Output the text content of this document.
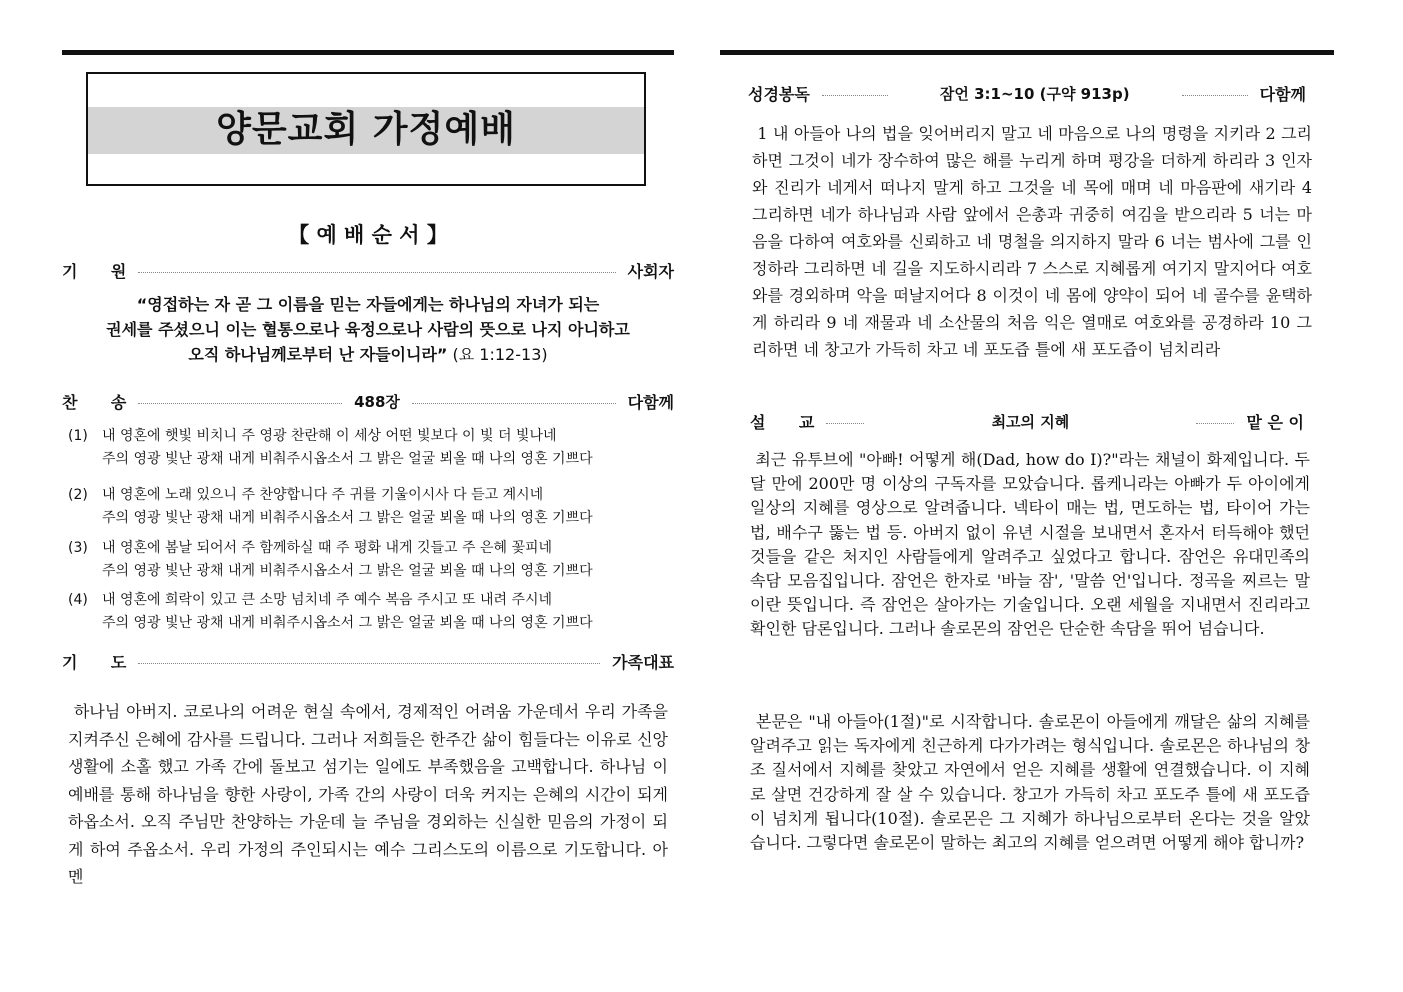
양문교회 가정예배
【 예 배 순 서 】
기      원	사회자
“영접하는 자 곧 그 이름을 믿는 자들에게는 하나님의 자녀가 되는
권세를 주셨으니 이는 혈통으로나 육정으로나 사람의 뜻으로 나지 아니하고
오직 하나님께로부터 난 자들이니라” (요 1:12-13)
찬      송	488장	다함께
(1) 내 영혼에 햇빛 비치니 주 영광 찬란해 이 세상 어떤 빛보다 이 빛 더 빛나네
주의 영광 빛난 광채 내게 비춰주시옵소서 그 밝은 얼굴 뵈올 때 나의 영혼 기쁘다
(2) 내 영혼에 노래 있으니 주 찬양합니다 주 귀를 기울이시사 다 듣고 계시네
주의 영광 빛난 광채 내게 비춰주시옵소서 그 밝은 얼굴 뵈올 때 나의 영혼 기쁘다
(3) 내 영혼에 봄날 되어서 주 함께하실 때 주 평화 내게 깃들고 주 은혜 꽃피네
주의 영광 빛난 광채 내게 비춰주시옵소서 그 밝은 얼굴 뵈올 때 나의 영혼 기쁘다
(4) 내 영혼에 희락이 있고 큰 소망 넘치네 주 예수 복음 주시고 또 내려 주시네
주의 영광 빛난 광채 내게 비춰주시옵소서 그 밝은 얼굴 뵈올 때 나의 영혼 기쁘다
기      도	가족대표

하나님 아버지. 코로나의 어려운 현실 속에서, 경제적인 어려움 가운데서 우리 가족을 지켜주신 은혜에 감사를 드립니다. 그러나 저희들은 한주간 삶이 힘들다는 이유로 신앙생활에 소홀 했고 가족 간에 돌보고 섬기는 일에도 부족했음을 고백합니다. 하나님 이 예배를 통해 하나님을 향한 사랑이, 가족 간의 사랑이 더욱 커지는 은혜의 시간이 되게 하옵소서. 오직 주님만 찬양하는 가운데 늘 주님을 경외하는 신실한 믿음의 가정이 되게 하여 주옵소서. 우리 가정의 주인되시는 예수 그리스도의 이름으로 기도합니다. 아멘

성경봉독	잠언 3:1~10 (구약 913p)	다함께

1 내 아들아 나의 법을 잊어버리지 말고 네 마음으로 나의 명령을 지키라 2 그리하면 그것이 네가 장수하여 많은 해를 누리게 하며 평강을 더하게 하리라 3 인자와 진리가 네게서 떠나지 말게 하고 그것을 네 목에 매며 네 마음판에 새기라 4 그리하면 네가 하나님과 사람 앞에서 은총과 귀중히 여김을 받으리라 5 너는 마음을 다하여 여호와를 신뢰하고 네 명철을 의지하지 말라 6 너는 범사에 그를 인정하라 그리하면 네 길을 지도하시리라 7 스스로 지혜롭게 여기지 말지어다 여호와를 경외하며 악을 떠날지어다 8 이것이 네 몸에 양약이 되어 네 골수를 윤택하게 하리라 9 네 재물과 네 소산물의 처음 익은 열매로 여호와를 공경하라 10 그리하면 네 창고가 가득히 차고 네 포도즙 틀에 새 포도즙이 넘치리라

설      교	최고의 지혜	맡 은 이

최근 유투브에 "아빠! 어떻게 해(Dad, how do I)?"라는 채널이 화제입니다. 두 달 만에 200만 명 이상의 구독자를 모았습니다. 롭케니라는 아빠가 두 아이에게 일상의 지혜를 영상으로 알려줍니다. 넥타이 매는 법, 면도하는 법, 타이어 가는 법, 배수구 뚫는 법 등. 아버지 없이 유년 시절을 보내면서 혼자서 터득해야 했던 것들을 같은 처지인 사람들에게 알려주고 싶었다고 합니다. 잠언은 유대민족의 속담 모음집입니다. 잠언은 한자로 '바늘 잠', '말씀 언'입니다. 정곡을 찌르는 말이란 뜻입니다. 즉 잠언은 살아가는 기술입니다. 오랜 세월을 지내면서 진리라고 확인한 담론입니다. 그러나 솔로몬의 잠언은 단순한 속담을 뛰어 넘습니다.

본문은 "내 아들아(1절)"로 시작합니다. 솔로몬이 아들에게 깨달은 삶의 지혜를 알려주고 읽는 독자에게 친근하게 다가가려는 형식입니다. 솔로몬은 하나님의 창조 질서에서 지혜를 찾았고 자연에서 얻은 지혜를 생활에 연결했습니다. 이 지혜로 살면 건강하게 잘 살 수 있습니다. 창고가 가득히 차고 포도주 틀에 새 포도즙이 넘치게 됩니다(10절). 솔로몬은 그 지혜가 하나님으로부터 온다는 것을 알았습니다. 그렇다면 솔로몬이 말하는 최고의 지혜를 얻으려면 어떻게 해야 합니까?
